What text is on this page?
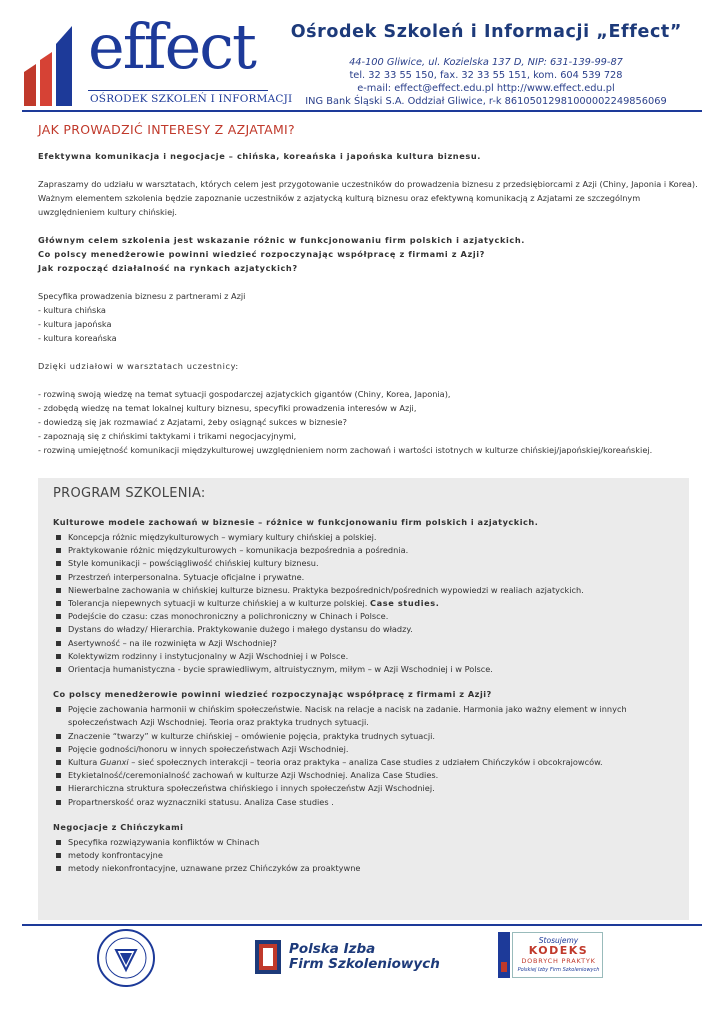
effect
OŚRODEK SZKOLEŃ I INFORMACJI
Ośrodek Szkoleń i Informacji „Effect”
44-100 Gliwice, ul. Kozielska 137 D, NIP: 631-139-99-87
tel. 32 33 55 150, fax. 32 33 55 151, kom. 604 539 728
e-mail: effect@effect.edu.pl http://www.effect.edu.pl
ING Bank Śląski S.A. Oddział Gliwice, r-k 86105012981000002249856069
JAK PROWADZIĆ INTERESY Z AZJATAMI?
Efektywna komunikacja i negocjacje – chińska, koreańska i japońska kultura biznesu.
Zapraszamy do udziału w warsztatach, których celem jest przygotowanie uczestników do prowadzenia biznesu z przedsiębiorcami z Azji (Chiny, Japonia i Korea). Ważnym elementem szkolenia będzie zapoznanie uczestników z azjatycką kulturą biznesu oraz efektywną komunikacją z Azjatami ze szczególnym uwzględnieniem kultury chińskiej.
Głównym celem szkolenia jest wskazanie różnic w funkcjonowaniu firm polskich i azjatyckich.
Co polscy menedżerowie powinni wiedzieć rozpoczynając współpracę z firmami z Azji?
Jak rozpocząć działalność na rynkach azjatyckich?
Specyfika prowadzenia biznesu z partnerami z Azji
- kultura chińska
- kultura japońska
- kultura koreańska
Dzięki udziałowi w warsztatach uczestnicy:
- rozwiną swoją wiedzę na temat sytuacji gospodarczej azjatyckich gigantów (Chiny, Korea, Japonia),
- zdobędą wiedzę na temat lokalnej kultury biznesu, specyfiki prowadzenia interesów w Azji,
- dowiedzą się jak rozmawiać z Azjatami, żeby osiągnąć sukces w biznesie?
- zapoznają się z chińskimi taktykami i trikami negocjacyjnymi,
- rozwiną umiejętność komunikacji międzykulturowej uwzględnieniem norm zachowań i wartości istotnych w kulturze chińskiej/japońskiej/koreańskiej.
PROGRAM SZKOLENIA:
Kulturowe modele zachowań w biznesie – różnice w funkcjonowaniu firm polskich i azjatyckich.
Koncepcja różnic międzykulturowych – wymiary kultury chińskiej a polskiej.
Praktykowanie różnic międzykulturowych – komunikacja bezpośrednia a pośrednia.
Style komunikacji – powściągliwość chińskiej kultury biznesu.
Przestrzeń interpersonalna. Sytuacje oficjalne i prywatne.
Niewerbalne zachowania w chińskiej kulturze biznesu. Praktyka bezpośrednich/pośrednich wypowiedzi w realiach azjatyckich.
Tolerancja niepewnych sytuacji w kulturze chińskiej a w kulturze polskiej. Case studies.
Podejście do czasu: czas monochroniczny a polichroniczny w Chinach i Polsce.
Dystans do władzy/ Hierarchia. Praktykowanie dużego i małego dystansu do władzy.
Asertywność – na ile rozwinięta w Azji Wschodniej?
Kolektywizm rodzinny i instytucjonalny w Azji Wschodniej i w Polsce.
Orientacja humanistyczna - bycie sprawiedliwym, altruistycznym, miłym – w Azji Wschodniej i w Polsce.
Co polscy menedżerowie powinni wiedzieć rozpoczynając współpracę z firmami z Azji?
Pojęcie zachowania harmonii w chińskim społeczeństwie. Nacisk na relacje a nacisk na zadanie. Harmonia jako ważny element w innych społeczeństwach Azji Wschodniej. Teoria oraz praktyka trudnych sytuacji.
Znaczenie “twarzy” w kulturze chińskiej – omówienie pojęcia, praktyka trudnych sytuacji.
Pojęcie godności/honoru w innych społeczeństwach Azji Wschodniej.
Kultura Guanxi – sieć społecznych interakcji – teoria oraz praktyka – analiza Case studies z udziałem Chińczyków i obcokrajowców.
Etykietalność/ceremonialność zachowań w kulturze Azji Wschodniej. Analiza Case Studies.
Hierarchiczna struktura społeczeństwa chińskiego i innych społeczeństw Azji Wschodniej.
Propartnerskość oraz wyznaczniki statusu. Analiza Case studies .
Negocjacje z Chińczykami
Specyfika rozwiązywania konfliktów w Chinach
metody konfrontacyjne
metody niekonfrontacyjne, uznawane przez Chińczyków za proaktywne
Polska Izba
Firm Szkoleniowych
Stosujemy
KODEKS
DOBRYCH PRAKTYK
Polskiej Izby Firm Szkoleniowych
